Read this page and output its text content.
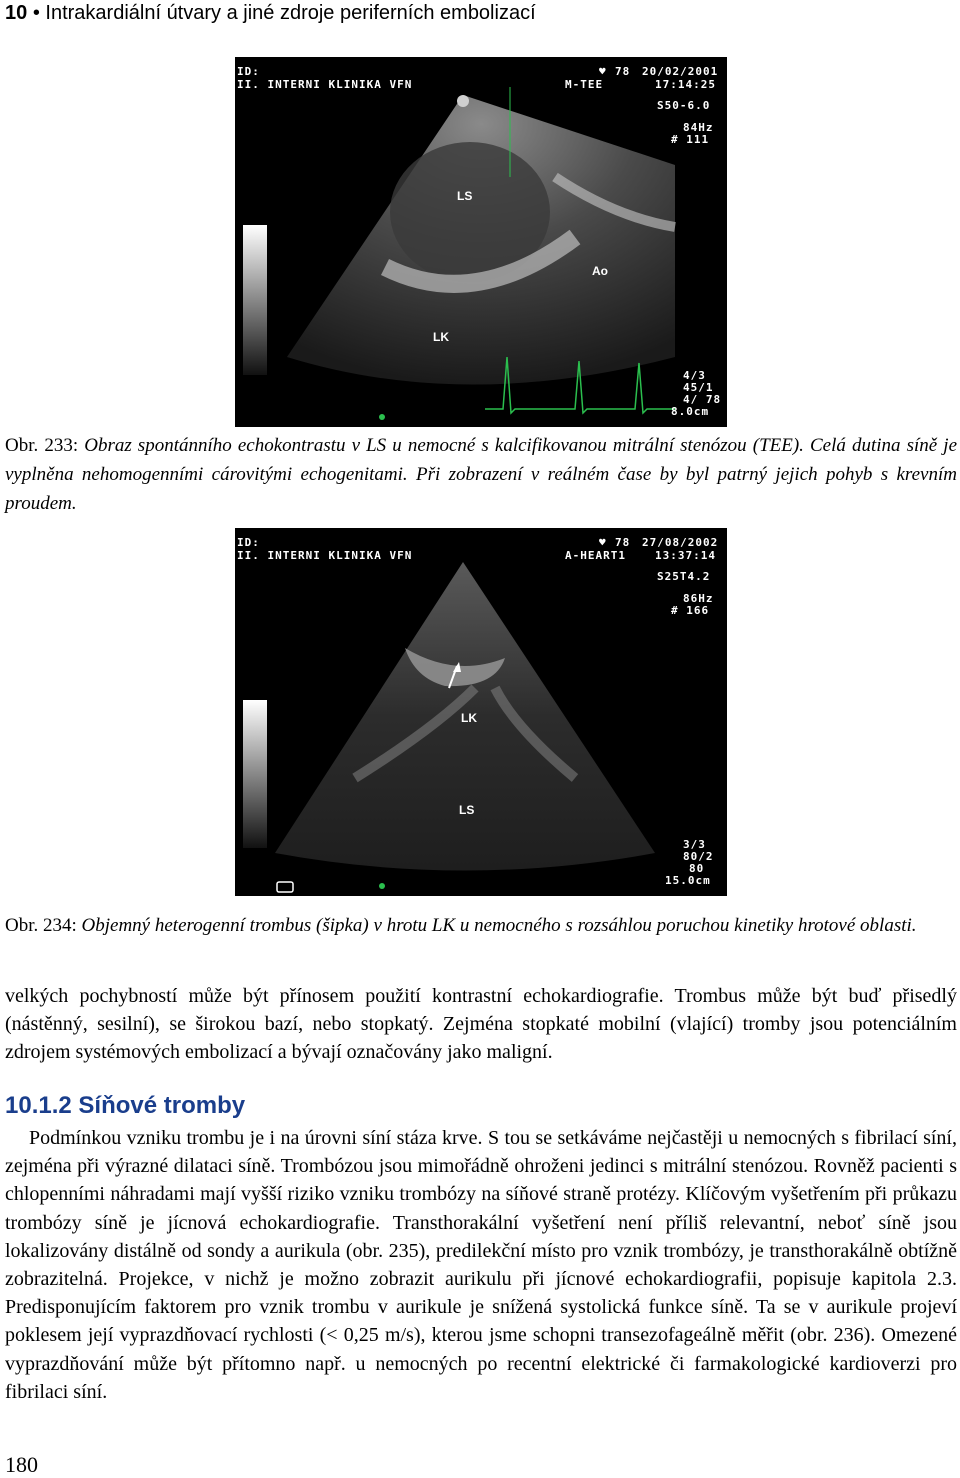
10 • Intrakardiální útvary a jiné zdroje periferních embolizací
ID:
II. INTERNI KLINIKA VFN
♥ 78 20/02/2001
M-TEE	17:14:25
S50-6.0
84Hz
# 111
4/3
45/1
4/ 78
8.0cm
LS
Ao
LK
Obr. 233: Obraz spontánního echokontrastu v LS u nemocné s kalcifikovanou mitrální stenózou (TEE). Celá dutina síně je vyplněna nehomogenními cárovitými echogenitami. Při zobrazení v reálném čase by byl patrný jejich pohyb s krevním proudem.
ID:
II. INTERNI KLINIKA VFN
♥ 78 27/08/2002
A-HEART1	13:37:14
S25T4.2
86Hz
# 166
3/3
80/2
80
15.0cm
LK
LS
Obr. 234: Objemný heterogenní trombus (šipka) v hrotu LK u nemocného s rozsáhlou poruchou kinetiky hrotové oblasti.

velkých pochybností může být přínosem použití kontrastní echokardiografie. Trombus může být buď přisedlý (nástěnný, sesilní), se širokou bazí, nebo stopkatý. Zejména stopkaté mobilní (vlající) tromby jsou potenciálním zdrojem systémových embolizací a bývají označovány jako maligní.

10.1.2 Síňové tromby

Podmínkou vzniku trombu je i na úrovni síní stáza krve. S tou se setkáváme nejčastěji u nemocných s fibrilací síní, zejména při výrazné dilataci síně. Trombózou jsou mimořádně ohroženi jedinci s mitrální stenózou. Rovněž pacienti s chlopenními náhradami mají vyšší riziko vzniku trombózy na síňové straně protézy. Klíčovým vyšetřením při průkazu trombózy síně je jícnová echokardiografie. Transthorakální vyšetření není příliš relevantní, neboť síně jsou lokalizovány distálně od sondy a aurikula (obr. 235), predilekční místo pro vznik trombózy, je transthorakálně obtížně zobrazitelná. Projekce, v nichž je možno zobrazit aurikulu při jícnové echokardiografii, popisuje kapitola 2.3. Predisponujícím faktorem pro vznik trombu v aurikule je snížená systolická funkce síně. Ta se v aurikule projeví poklesem její vyprazdňovací rychlosti (< 0,25 m/s), kterou jsme schopni transezofageálně měřit (obr. 236). Omezené vyprazdňování může být přítomno např. u nemocných po recentní elektrické či farmakologické kardioverzi pro fibrilaci síní.

180
